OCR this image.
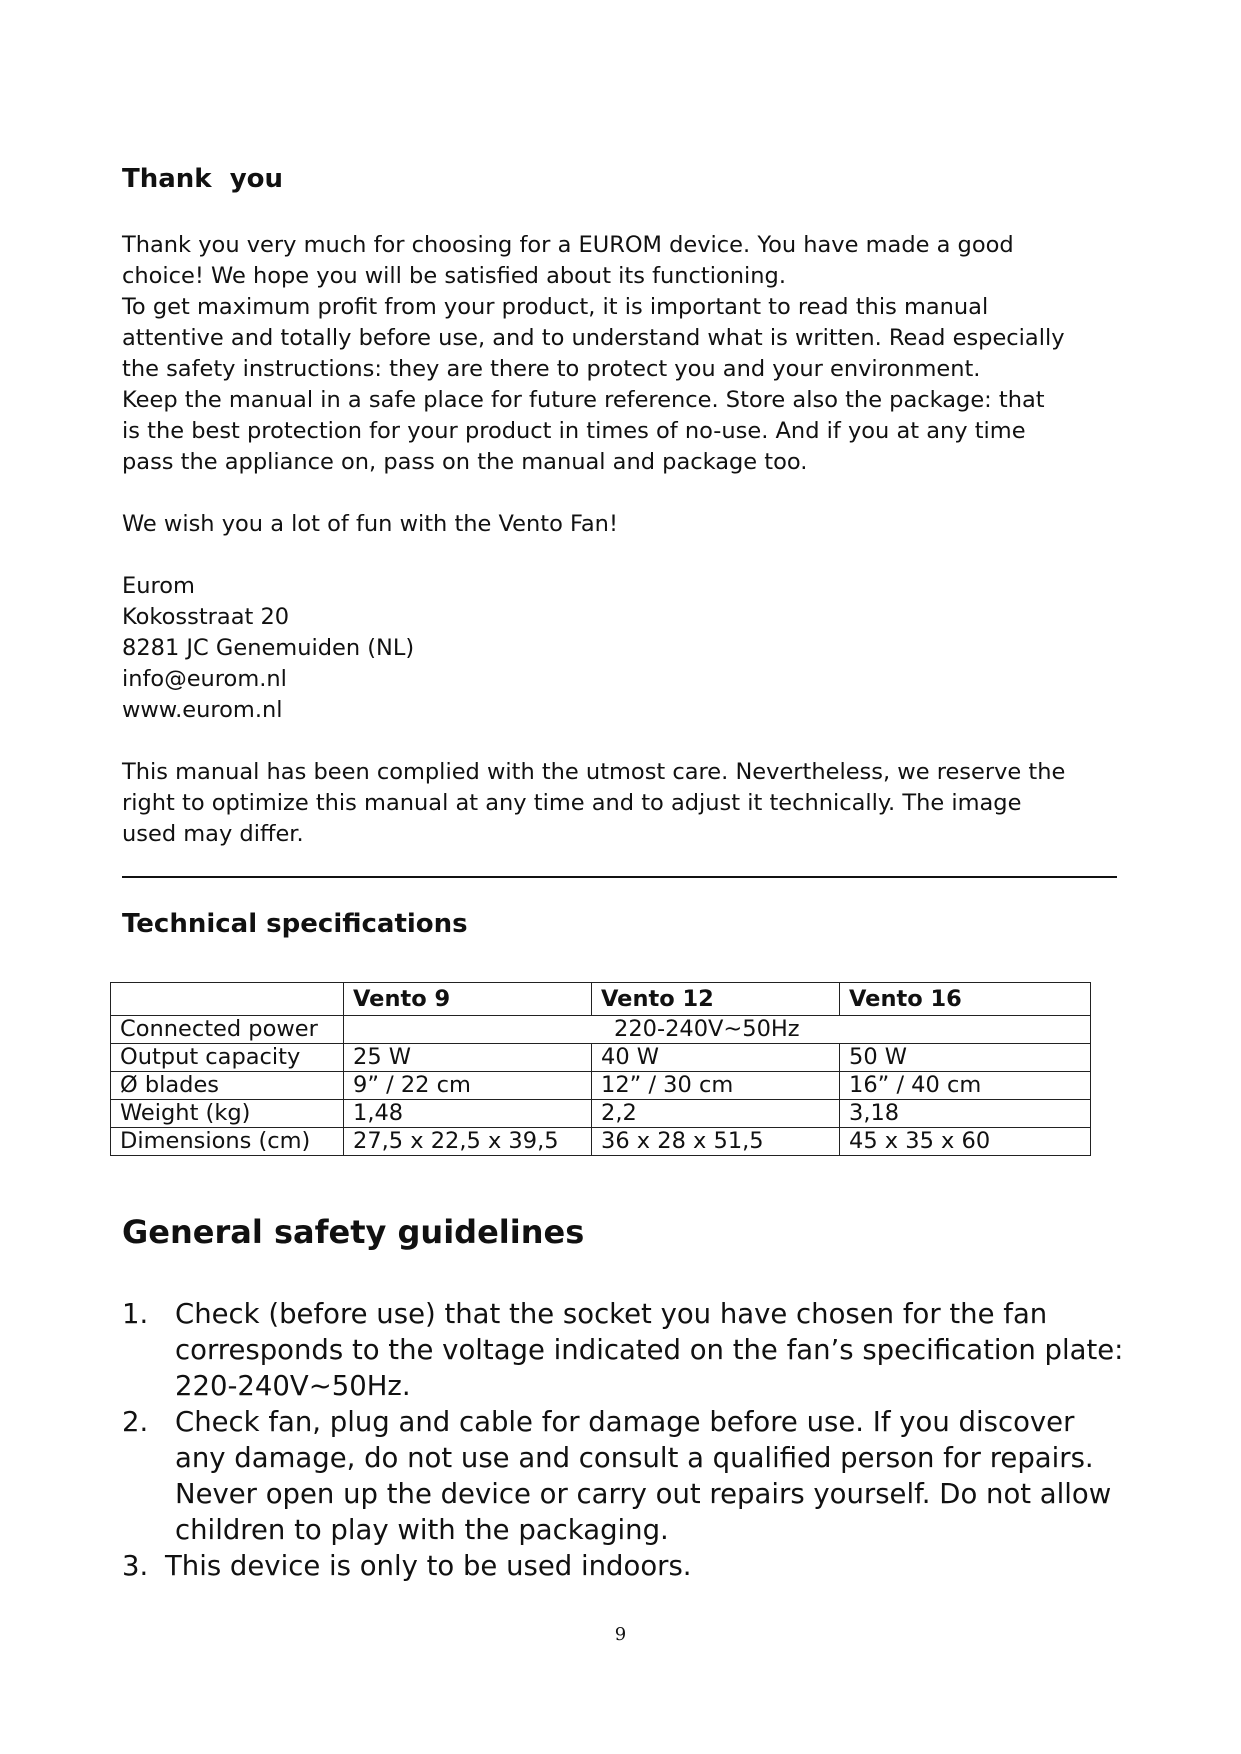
Thank  you

Thank you very much for choosing for a EUROM device. You have made a good

choice! We hope you will be satisfied about its functioning.

To get maximum profit from your product, it is important to read this manual

attentive and totally before use, and to understand what is written. Read especially

the safety instructions: they are there to protect you and your environment.

Keep the manual in a safe place for future reference. Store also the package: that

is the best protection for your product in times of no-use. And if you at any time

pass the appliance on, pass on the manual and package too.

We wish you a lot of fun with the Vento Fan!

Eurom

Kokosstraat 20

8281 JC Genemuiden (NL)

info@eurom.nl

www.eurom.nl

This manual has been complied with the utmost care. Nevertheless, we reserve the

right to optimize this manual at any time and to adjust it technically. The image

used may differ.

Technical specifications
	Vento 9	Vento 12	Vento 16
Connected power	220-240V~50Hz		
Output capacity	25 W	40 W	50 W
Ø blades	9” / 22 cm	12” / 30 cm	16” / 40 cm
Weight (kg)	1,48	2,2	3,18
Dimensions (cm)	27,5 x 22,5 x 39,5	36 x 28 x 51,5	45 x 35 x 60
General safety guidelines
1. Check (before use) that the socket you have chosen for the fan
corresponds to the voltage indicated on the fan’s specification plate:
220-240V~50Hz.
2. Check fan, plug and cable for damage before use. If you discover
any damage, do not use and consult a qualified person for repairs.
Never open up the device or carry out repairs yourself. Do not allow
children to play with the packaging.
3. This device is only to be used indoors.
9
